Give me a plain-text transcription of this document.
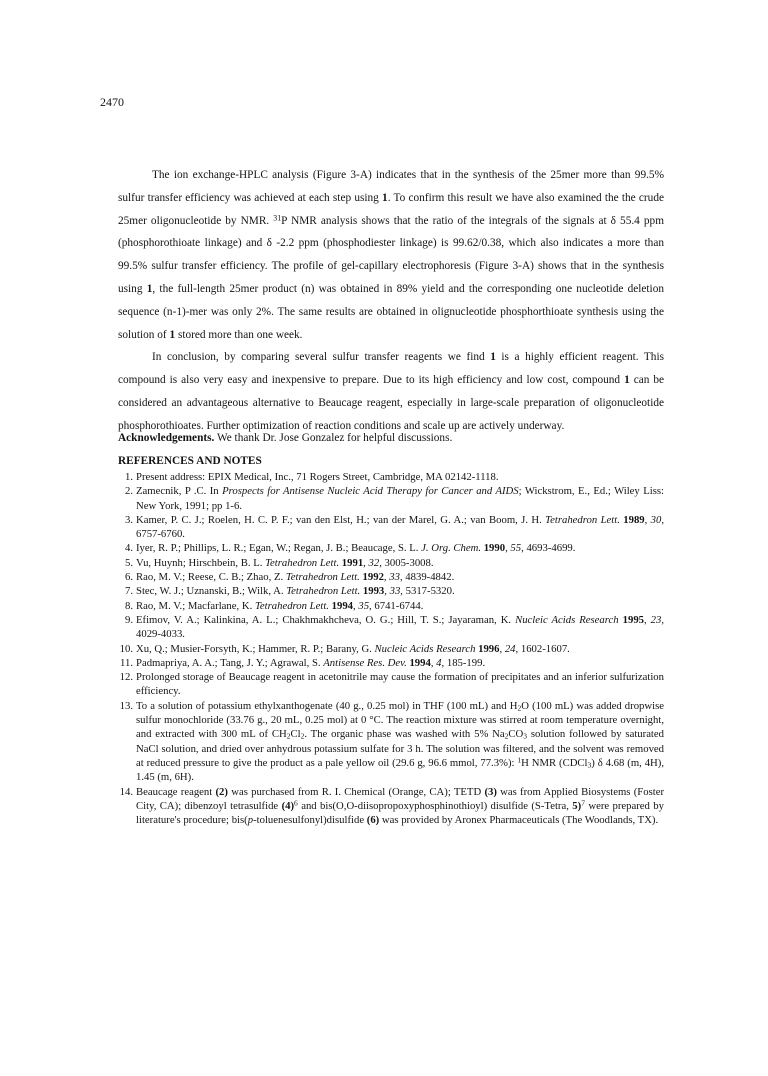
2470

The ion exchange-HPLC analysis (Figure 3-A) indicates that in the synthesis of the 25mer more than 99.5% sulfur transfer efficiency was achieved at each step using 1. To confirm this result we have also examined the the crude 25mer oligonucleotide by NMR. $^{31}$P NMR analysis shows that the ratio of the integrals of the signals at δ 55.4 ppm (phosphorothioate linkage) and δ -2.2 ppm (phosphodiester linkage) is 99.62/0.38, which also indicates a more than 99.5% sulfur transfer efficiency. The profile of gel-capillary electrophoresis (Figure 3-A) shows that in the synthesis using 1, the full-length 25mer product (n) was obtained in 89% yield and the corresponding one nucleotide deletion sequence (n-1)-mer was only 2%. The same results are obtained in olignucleotide phosphorthioate synthesis using the solution of 1 stored more than one week.

In conclusion, by comparing several sulfur transfer reagents we find 1 is a highly efficient reagent. This compound is also very easy and inexpensive to prepare. Due to its high efficiency and low cost, compound 1 can be considered an advantageous alternative to Beaucage reagent, especially in large-scale preparation of oligonucleotide phosphorothioates. Further optimization of reaction conditions and scale up are actively underway.

Acknowledgements. We thank Dr. Jose Gonzalez for helpful discussions.
REFERENCES AND NOTES
1. Present address: EPIX Medical, Inc., 71 Rogers Street, Cambridge, MA 02142-1118.
2. Zamecnik, P .C. In Prospects for Antisense Nucleic Acid Therapy for Cancer and AIDS; Wickstrom, E., Ed.; Wiley Liss: New York, 1991; pp 1-6.
3. Kamer, P. C. J.; Roelen, H. C. P. F.; van den Elst, H.; van der Marel, G. A.; van Boom, J. H. Tetrahedron Lett. 1989, 30, 6757-6760.
4. Iyer, R. P.; Phillips, L. R.; Egan, W.; Regan, J. B.; Beaucage, S. L. J. Org. Chem. 1990, 55, 4693-4699.
5. Vu, Huynh; Hirschbein, B. L. Tetrahedron Lett. 1991, 32, 3005-3008.
6. Rao, M. V.; Reese, C. B.; Zhao, Z. Tetrahedron Lett. 1992, 33, 4839-4842.
7. Stec, W. J.; Uznanski, B.; Wilk, A. Tetrahedron Lett. 1993, 33, 5317-5320.
8. Rao, M. V.; Macfarlane, K. Tetrahedron Lett. 1994, 35, 6741-6744.
9. Efimov, V. A.; Kalinkina, A. L.; Chakhmakhcheva, O. G.; Hill, T. S.; Jayaraman, K. Nucleic Acids Research 1995, 23, 4029-4033.
10. Xu, Q.; Musier-Forsyth, K.; Hammer, R. P.; Barany, G. Nucleic Acids Research 1996, 24, 1602-1607.
11. Padmapriya, A. A.; Tang, J. Y.; Agrawal, S. Antisense Res. Dev. 1994, 4, 185-199.
12. Prolonged storage of Beaucage reagent in acetonitrile may cause the formation of precipitates and an inferior sulfurization efficiency.
13. To a solution of potassium ethylxanthogenate (40 g., 0.25 mol) in THF (100 mL) and $H_2O$ (100 mL) was added dropwise sulfur monochloride (33.76 g., 20 mL, 0.25 mol) at 0 °C. The reaction mixture was stirred at room temperature overnight, and extracted with 300 mL of $CH_2Cl_2$. The organic phase was washed with 5% $Na_2CO_3$ solution followed by saturated NaCl solution, and dried over anhydrous potassium sulfate for 3 h. The solution was filtered, and the solvent was removed at reduced pressure to give the product as a pale yellow oil (29.6 g, 96.6 mmol, 77.3%): $^1$H NMR (CDCl$_3$) δ 4.68 (m, 4H), 1.45 (m, 6H).
14. Beaucage reagent (2) was purchased from R. I. Chemical (Orange, CA); TETD (3) was from Applied Biosystems (Foster City, CA); dibenzoyl tetrasulfide $(4)^6$ and bis(O,O-diisopropoxyphosphinothioyl) disulfide (S-Tetra, 5)$^7$ were prepared by literature's procedure; bis(p-toluenesulfonyl)disulfide (6) was provided by Aronex Pharmaceuticals (The Woodlands, TX).
